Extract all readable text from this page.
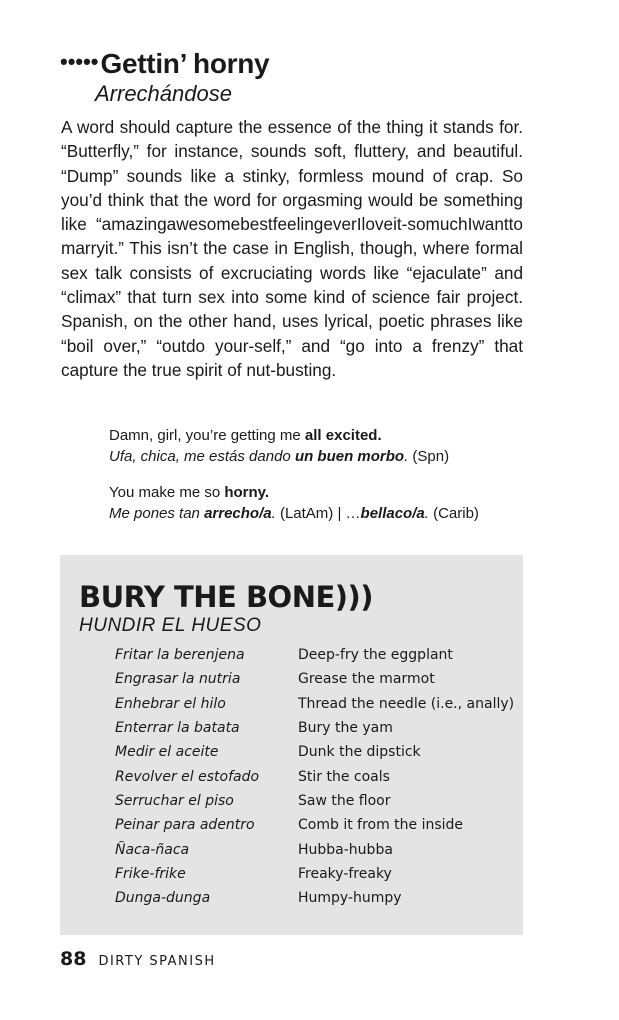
••••• Gettin’ horny
Arrechándose

A word should capture the essence of the thing it stands for. “Butterfly,” for instance, sounds soft, fluttery, and beautiful. “Dump” sounds like a stinky, formless mound of crap. So you’d think that the word for orgasming would be something like “amazingawesomebestfeelingeverIloveit-somuchIwantto marryit.” This isn’t the case in English, though, where formal sex talk consists of excruciating words like “ejaculate” and “climax” that turn sex into some kind of science fair project. Spanish, on the other hand, uses lyrical, poetic phrases like “boil over,” “outdo your-self,” and “go into a frenzy” that capture the true spirit of nut-busting.

Damn, girl, you’re getting me all excited.
Ufa, chica, me estás dando un buen morbo. (Spn)
You make me so horny.
Me pones tan arrecho/a. (LatAm) | …bellaco/a. (Carib)
BURY THE BONE)))
HUNDIR EL HUESO
Fritar la berenjena	Deep-fry the eggplant
Engrasar la nutria	Grease the marmot
Enhebrar el hilo	Thread the needle (i.e., anally)
Enterrar la batata	Bury the yam
Medir el aceite	Dunk the dipstick
Revolver el estofado	Stir the coals
Serruchar el piso	Saw the floor
Peinar para adentro	Comb it from the inside
Ñaca-ñaca	Hubba-hubba
Frike-frike	Freaky-freaky
Dunga-dunga	Humpy-humpy
88 DIRTY SPANISH
